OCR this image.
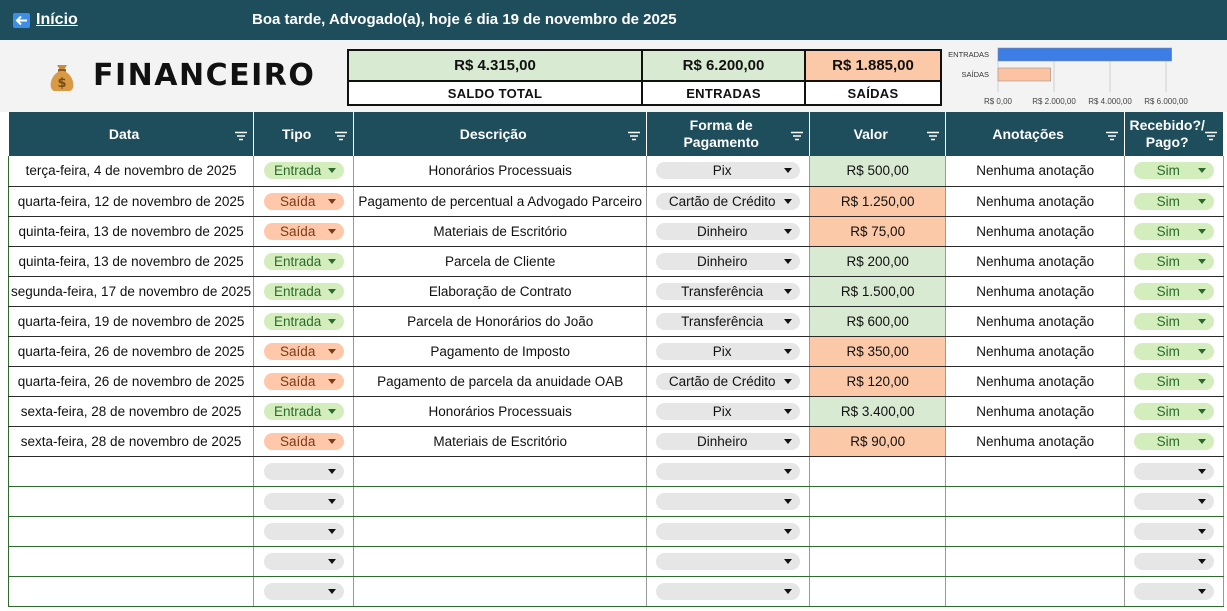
Início	Boa tarde, Advogado(a), hoje é dia 19 de novembro de 2025
$ FINANCEIRO	R$ 4.315,00	R$ 6.200,00	R$ 1.885,00
SALDO TOTAL	ENTRADAS	SAÍDAS
R$ 0,00	R$ 2.000,00 R$ 4.000,00 R$ 6.000,00
ENTRADAS
SAÍDAS
Data	Tipo	Descrição	Forma de Pagamento	Valor	Anotações	Recebido?/ Pago?

terça-feira, 4 de novembro de 2025	Entrada	Honorários Processuais	Pix	R$ 500,00	Nenhuma anotação	Sim

quarta-feira, 12 de novembro de 2025	Saída	Pagamento de percentual a Advogado Parceiro	Cartão de Crédito	R$ 1.250,00	Nenhuma anotação	Sim

quinta-feira, 13 de novembro de 2025	Saída	Materiais de Escritório	Dinheiro	R$ 75,00	Nenhuma anotação	Sim

quinta-feira, 13 de novembro de 2025	Entrada	Parcela de Cliente	Dinheiro	R$ 200,00	Nenhuma anotação	Sim

segunda-feira, 17 de novembro de 2025	Entrada	Elaboração de Contrato	Transferência	R$ 1.500,00	Nenhuma anotação	Sim

quarta-feira, 19 de novembro de 2025	Entrada	Parcela de Honorários do João	Transferência	R$ 600,00	Nenhuma anotação	Sim

quarta-feira, 26 de novembro de 2025	Saída	Pagamento de Imposto	Pix	R$ 350,00	Nenhuma anotação	Sim

quarta-feira, 26 de novembro de 2025	Saída	Pagamento de parcela da anuidade OAB	Cartão de Crédito	R$ 120,00	Nenhuma anotação	Sim

sexta-feira, 28 de novembro de 2025	Entrada	Honorários Processuais	Pix	R$ 3.400,00	Nenhuma anotação	Sim

sexta-feira, 28 de novembro de 2025	Saída	Materiais de Escritório	Dinheiro	R$ 90,00	Nenhuma anotação	Sim
